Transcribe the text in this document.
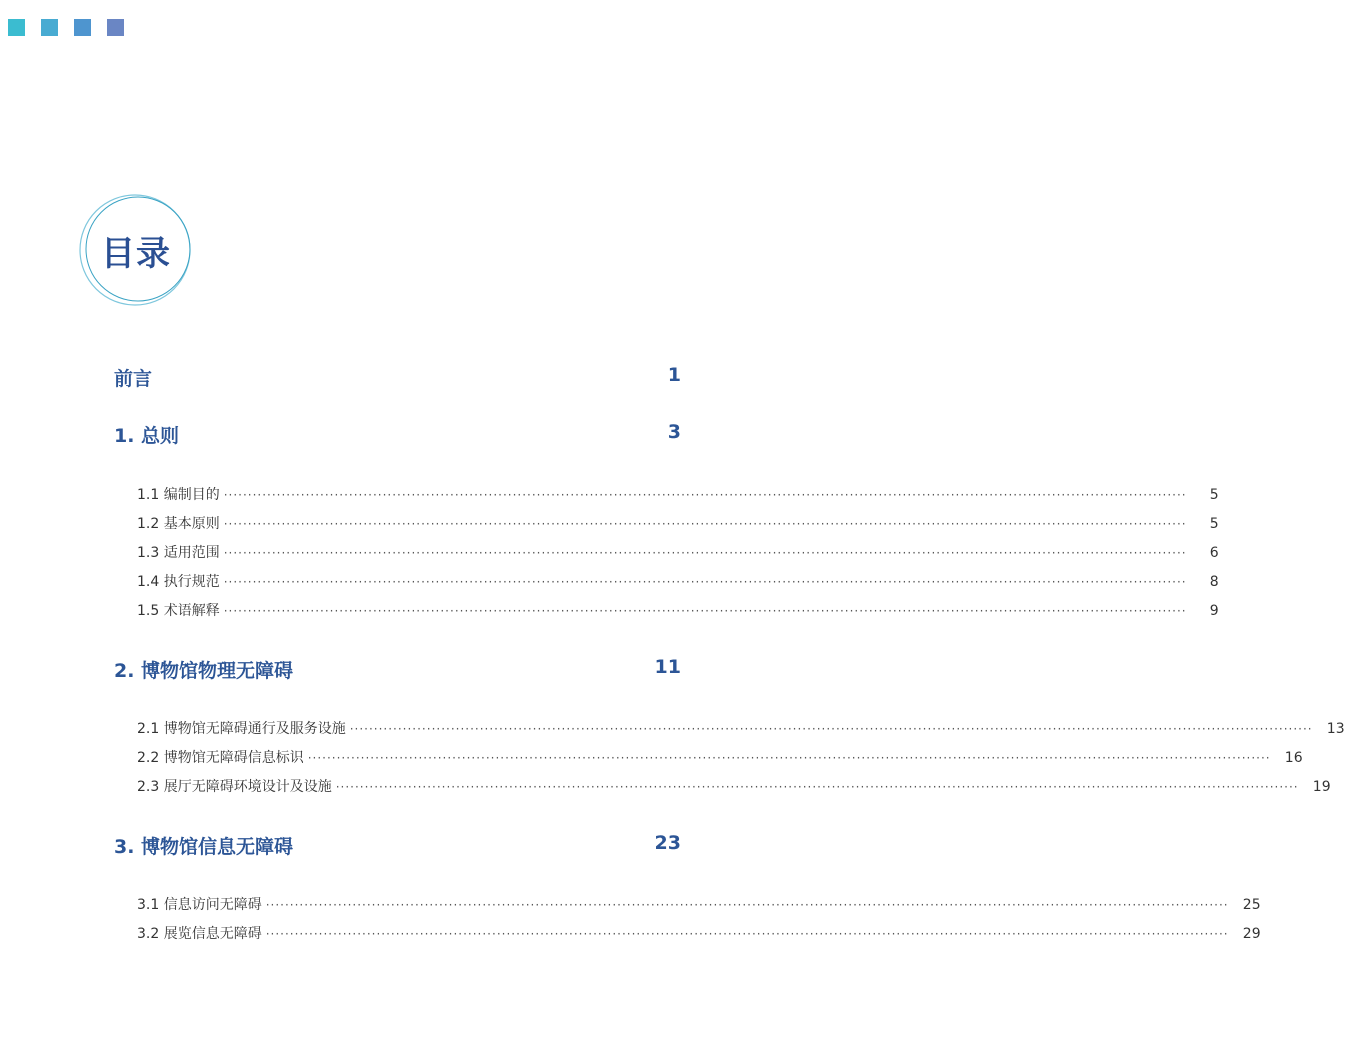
目录
前言	1
1. 总则	3
1.1 编制目的 ········································································································································································································	5
1.2 基本原则 ········································································································································································································	5
1.3 适用范围 ········································································································································································································	6
1.4 执行规范 ········································································································································································································	8
1.5 术语解释 ········································································································································································································	9
2. 博物馆物理无障碍	11
2.1 博物馆无障碍通行及服务设施 ········································································································································································································	13
2.2 博物馆无障碍信息标识 ········································································································································································································	16
2.3 展厅无障碍环境设计及设施 ········································································································································································································	19
3. 博物馆信息无障碍	23
3.1 信息访问无障碍 ········································································································································································································	25
3.2 展览信息无障碍 ········································································································································································································	29
